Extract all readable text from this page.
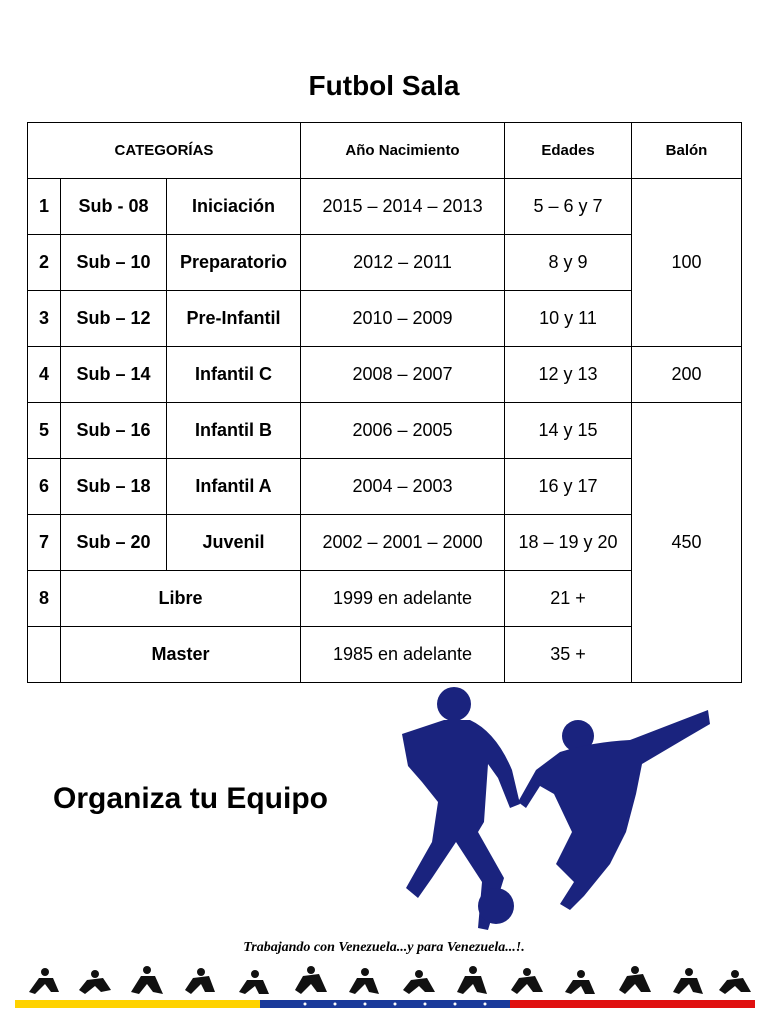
Futbol Sala
CATEGORÍAS			Año Nacimiento	Edades	Balón
1	Sub - 08	Iniciación	2015 – 2014 – 2013	5 – 6 y 7	100
2	Sub – 10	Preparatorio	2012 – 2011	8 y 9	
3	Sub – 12	Pre-Infantil	2010 – 2009	10 y 11	
4	Sub – 14	Infantil C	2008 – 2007	12 y 13	200
5	Sub – 16	Infantil B	2006 – 2005	14 y 15	450
6	Sub – 18	Infantil A	2004 – 2003	16 y 17	
7	Sub – 20	Juvenil	2002 – 2001 – 2000	18 – 19 y 20	
8	Libre		1999 en adelante	21 +	
	Master		1985 en adelante	35 +	
Organiza tu Equipo
Trabajando con Venezuela...y para Venezuela...!.
